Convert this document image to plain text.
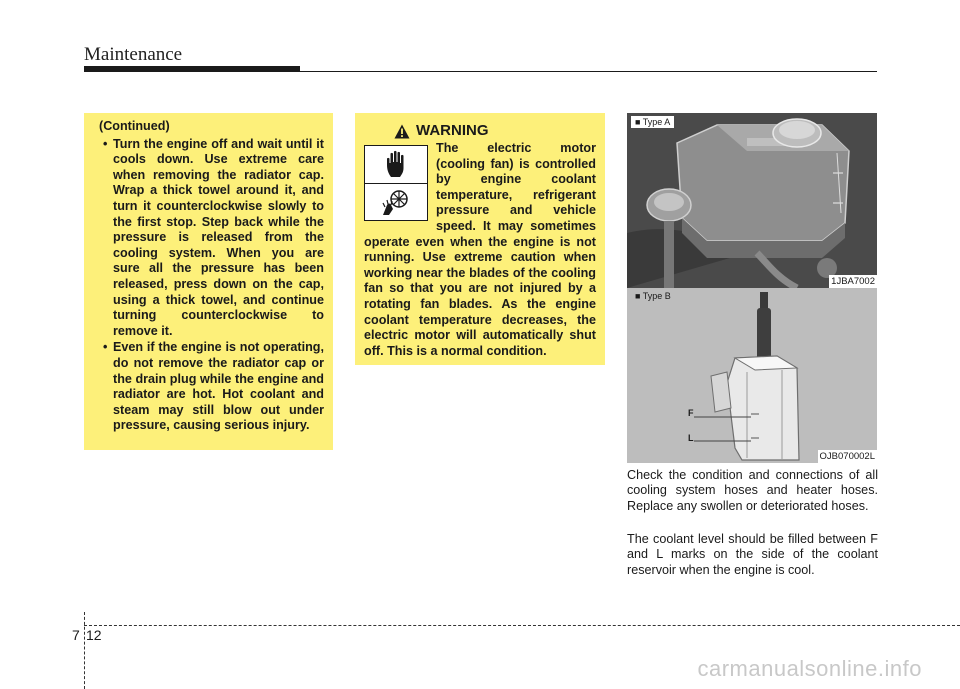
Maintenance
(Continued)
• Turn the engine off and wait until it cools down. Use extreme care when removing the radiator cap. Wrap a thick towel around it, and turn it counterclockwise slowly to the first stop. Step back while the pressure is released from the cooling system. When you are sure all the pressure has been released, press down on the cap, using a thick towel, and continue turning counterclockwise to remove it.
• Even if the engine is not operating, do not remove the radiator cap or the drain plug while the engine and radiator are hot. Hot coolant and steam may still blow out under pressure, causing serious injury.
WARNING
The electric motor (cooling fan) is controlled by engine coolant temperature, refrigerant pressure and vehicle speed. It may sometimes operate even when the engine is not running. Use extreme caution when working near the blades of the cooling fan so that you are not injured by a rotating fan blades. As the engine coolant temperature decreases, the electric motor will automatically shut off. This is a normal condition.
■ Type A
1JBA7002
■ Type B
F
L
OJB070002L
Check the condition and connections of all cooling system hoses and heater hoses. Replace any swollen or deteriorated hoses.
The coolant level should be filled between F and L marks on the side of the coolant reservoir when the engine is cool.
7 12
carmanualsonline.info
